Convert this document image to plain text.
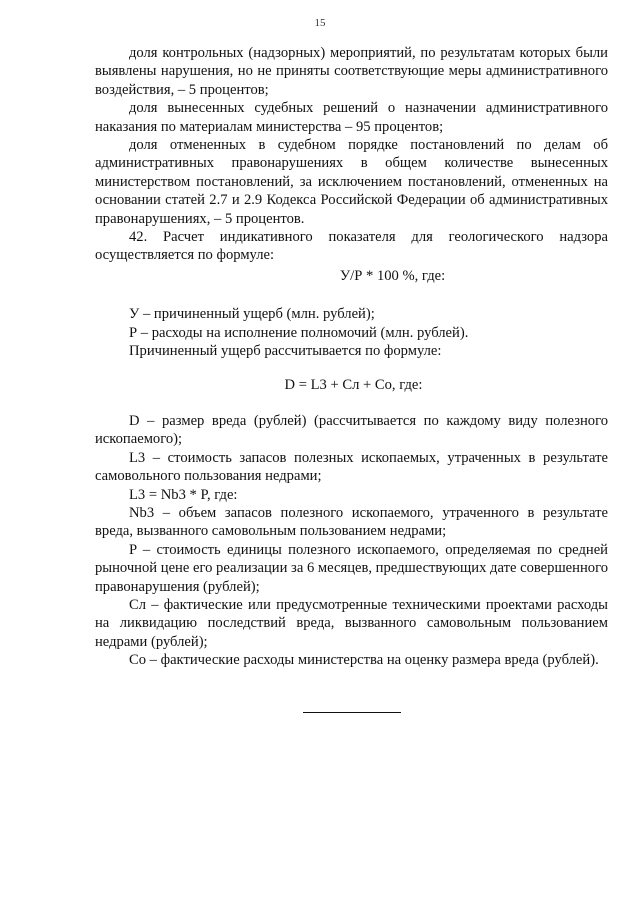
15

доля контрольных (надзорных) мероприятий, по результатам которых были выявлены нарушения, но не приняты соответствующие меры административного воздействия, – 5 процентов;

доля вынесенных судебных решений о назначении административного наказания по материалам министерства – 95 процентов;

доля отмененных в судебном порядке постановлений по делам об административных правонарушениях в общем количестве вынесенных министерством постановлений, за исключением постановлений, отмененных на основании статей 2.7 и 2.9 Кодекса Российской Федерации об административных правонарушениях, – 5 процентов.

42. Расчет индикативного показателя для геологического надзора осуществляется по формуле:

У/Р * 100 %, где:

У – причиненный ущерб (млн. рублей);

Р – расходы на исполнение полномочий (млн. рублей).

Причиненный ущерб рассчитывается по формуле:

D = L3 + Сл + Со, где:

D – размер вреда (рублей) (рассчитывается по каждому виду полезного ископаемого);

L3 – стоимость запасов полезных ископаемых, утраченных в результате самовольного пользования недрами;

L3 = Nb3 * P, где:

Nb3 – объем запасов полезного ископаемого, утраченного в результате вреда, вызванного самовольным пользованием недрами;

P – стоимость единицы полезного ископаемого, определяемая по средней рыночной цене его реализации за 6 месяцев, предшествующих дате совершенного правонарушения (рублей);

Сл – фактические или предусмотренные техническими проектами расходы на ликвидацию последствий вреда, вызванного самовольным пользованием недрами (рублей);

Со – фактические расходы министерства на оценку размера вреда (рублей).
